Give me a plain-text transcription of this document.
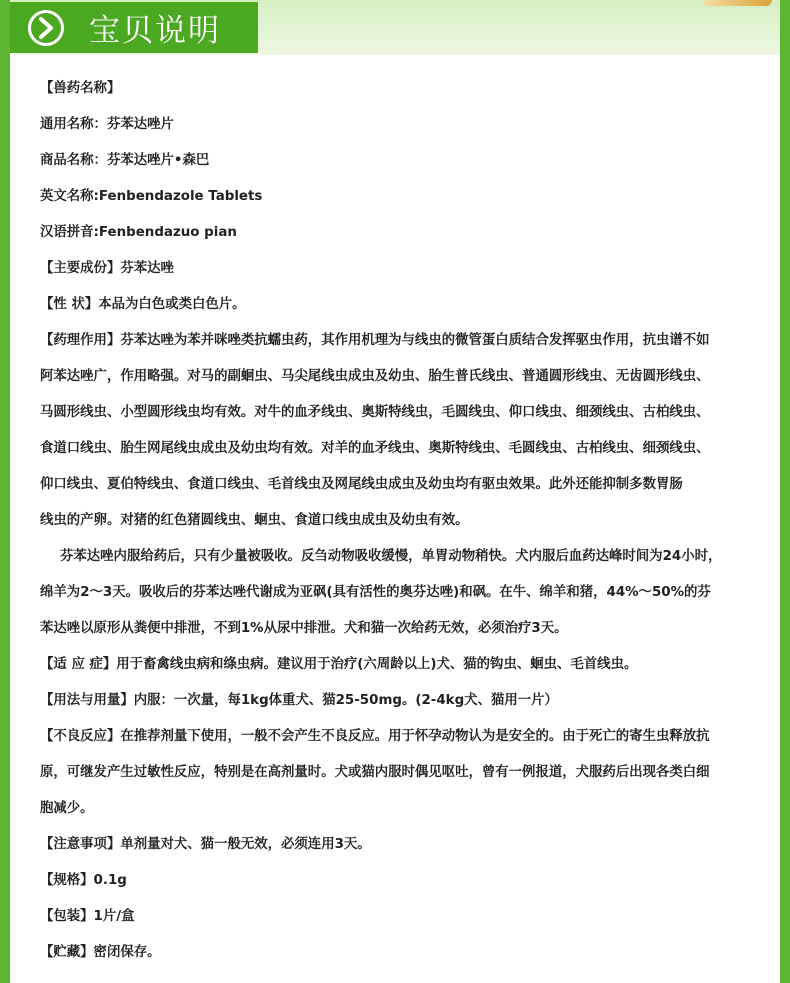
宝贝说明
【兽药名称】
通用名称：芬苯达唑片
商品名称：芬苯达唑片•森巴
英文名称:Fenbendazole Tablets
汉语拼音:Fenbendazuo pian
【主要成份】芬苯达唑
【性 状】本品为白色或类白色片。
【药理作用】芬苯达唑为苯并咪唑类抗蠕虫药，其作用机理为与线虫的微管蛋白质结合发挥驱虫作用，抗虫谱不如
阿苯达唑广，作用略强。对马的副蛔虫、马尖尾线虫成虫及幼虫、胎生普氏线虫、普通圆形线虫、无齿圆形线虫、
马圆形线虫、小型圆形线虫均有效。对牛的血矛线虫、奥斯特线虫，毛圆线虫、仰口线虫、细颈线虫、古柏线虫、
食道口线虫、胎生网尾线虫成虫及幼虫均有效。对羊的血矛线虫、奥斯特线虫、毛圆线虫、古柏线虫、细颈线虫、
仰口线虫、夏伯特线虫、食道口线虫、毛首线虫及网尾线虫成虫及幼虫均有驱虫效果。此外还能抑制多数胃肠
线虫的产卵。对猪的红色猪圆线虫、蛔虫、食道口线虫成虫及幼虫有效。
芬苯达唑内服给药后，只有少量被吸收。反刍动物吸收缓慢，单胃动物稍快。犬内服后血药达峰时间为24小时，
绵羊为2～3天。吸收后的芬苯达唑代谢成为亚砜(具有活性的奥芬达唑)和砜。在牛、绵羊和猪，44%～50%的芬
苯达唑以原形从粪便中排泄，不到1%从尿中排泄。犬和猫一次给药无效，必须治疗3天。
【适 应 症】用于畜禽线虫病和绦虫病。建议用于治疗(六周龄以上)犬、猫的钩虫、蛔虫、毛首线虫。
【用法与用量】内服：一次量，每1kg体重犬、猫25-50mg。(2-4kg犬、猫用一片）
【不良反应】在推荐剂量下使用，一般不会产生不良反应。用于怀孕动物认为是安全的。由于死亡的寄生虫释放抗
原，可继发产生过敏性反应，特别是在高剂量时。犬或猫内服时偶见呕吐，曾有一例报道，犬服药后出现各类白细
胞减少。
【注意事项】单剂量对犬、猫一般无效，必须连用3天。
【规格】0.1g
【包装】1片/盒
【贮藏】密闭保存。
